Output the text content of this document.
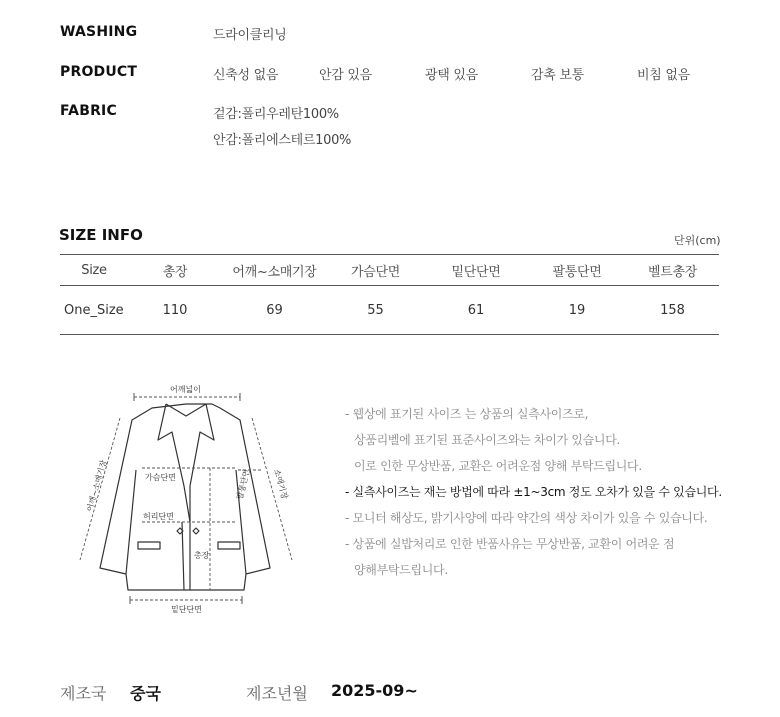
WASHING	드라이클리닝
PRODUCT	신축성 없음	안감 있음	광택 있음	감촉 보통	비침 없음
FABRIC	겉감:폴리우레탄100%
안감:폴리에스테르100%
SIZE INFO	단위(cm)
Size	총장	어깨~소매기장	가슴단면	밑단단면	팔통단면	벨트총장
One_Size	110	69	55	61	19	158
어깨넓이
가슴단면
허리단면
총장
밑단단면
어깨~소매기장	팔통단면	소매기장
- 웹상에 표기된 사이즈 는 상품의 실측사이즈로,
상품리벨에 표기된 표준사이즈와는 차이가 있습니다.
이로 인한 무상반품, 교환은 어려운점 양해 부탁드립니다.
- 실측사이즈는 재는 방법에 따라 ±1~3cm 정도 오차가 있을 수 있습니다.
- 모니터 해상도, 밝기사양에 따라 약간의 색상 차이가 있을 수 있습니다.
- 상품에 실밥처리로 인한 반품사유는 무상반품, 교환이 어려운 점
양해부탁드립니다.
제조국 중국	제조년월 2025-09~
